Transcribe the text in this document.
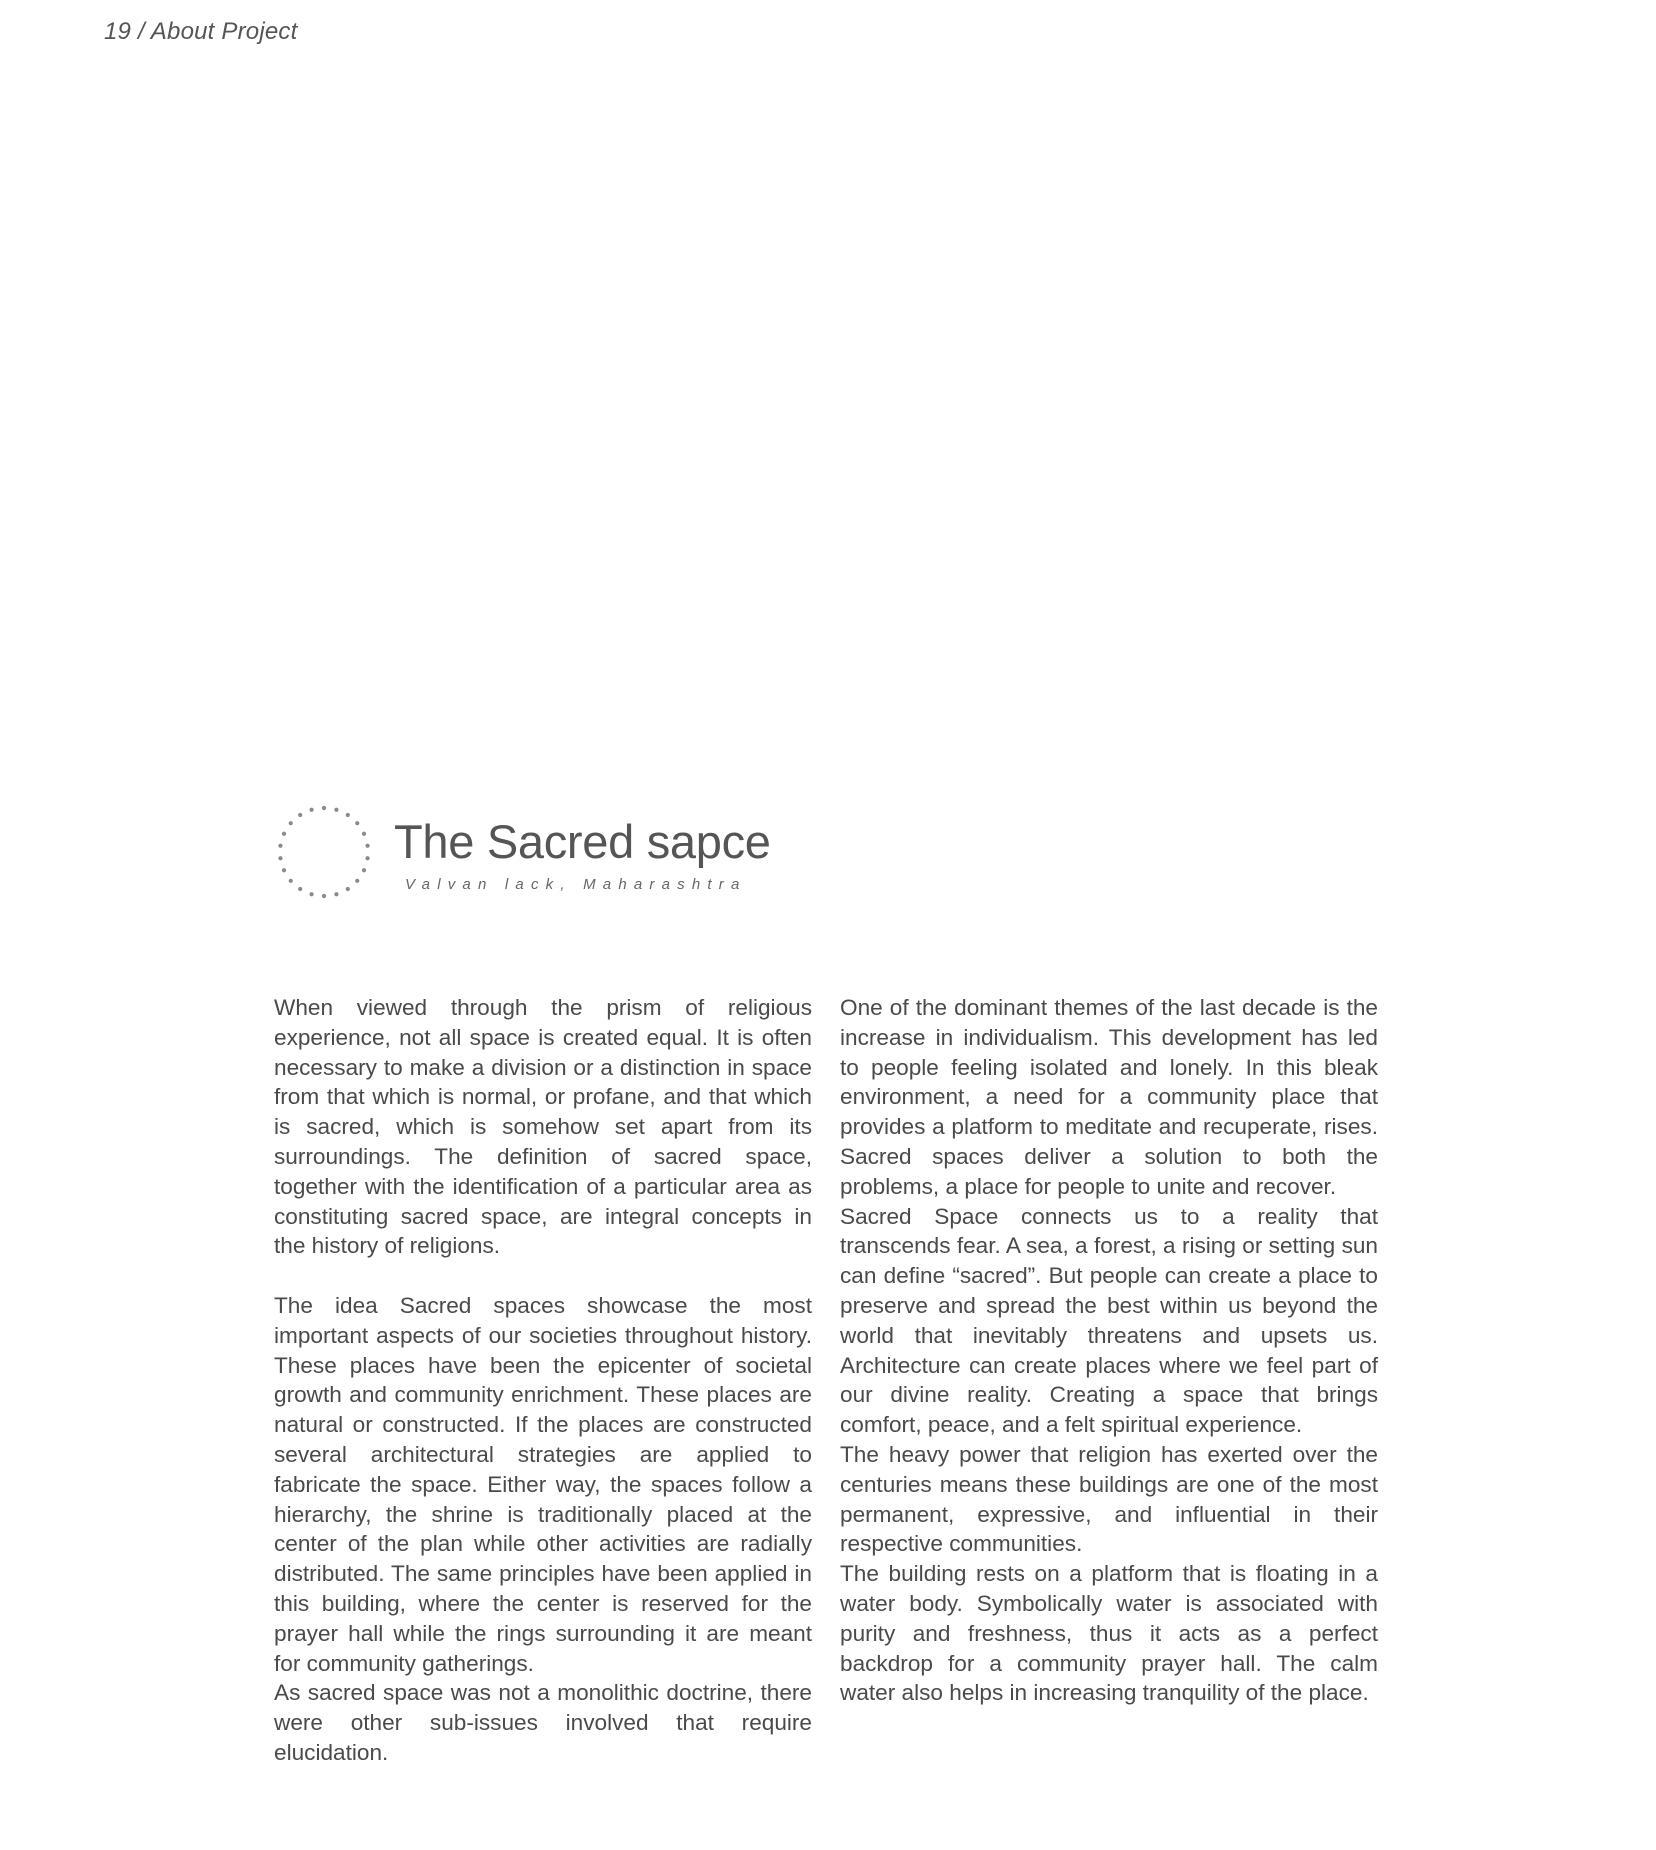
19 / About Project
The Sacred sapce
Valvan lack, Maharashtra

When viewed through the prism of religious experience, not all space is created equal. It is often necessary to make a division or a distinction in space from that which is normal, or profane, and that which is sacred, which is somehow set apart from its surroundings. The definition of sacred space, together with the identification of a particular area as constituting sacred space, are integral concepts in the history of religions.

The idea Sacred spaces showcase the most important aspects of our societies throughout history. These places have been the epicenter of societal growth and community enrichment. These places are natural or constructed. If the places are constructed several architectural strategies are applied to fabricate the space. Either way, the spaces follow a hierarchy, the shrine is traditionally placed at the center of the plan while other activities are radially distributed. The same principles have been applied in this building, where the center is reserved for the prayer hall while the rings surrounding it are meant for community gatherings.

As sacred space was not a monolithic doctrine, there were other sub-issues involved that require elucidation.

One of the dominant themes of the last decade is the increase in individualism. This development has led to people feeling isolated and lonely. In this bleak environment, a need for a community place that provides a platform to meditate and recuperate, rises. Sacred spaces deliver a solution to both the problems, a place for people to unite and recover.

Sacred Space connects us to a reality that transcends fear. A sea, a forest, a rising or setting sun can define “sacred”. But people can create a place to preserve and spread the best within us beyond the world that inevitably threatens and upsets us. Architecture can create places where we feel part of our divine reality. Creating a space that brings comfort, peace, and a felt spiritual experience.

The heavy power that religion has exerted over the centuries means these buildings are one of the most permanent, expressive, and influential in their respective communities.

The building rests on a platform that is floating in a water body. Symbolically water is associated with purity and freshness, thus it acts as a perfect backdrop for a community prayer hall. The calm water also helps in increasing tranquility of the place.
